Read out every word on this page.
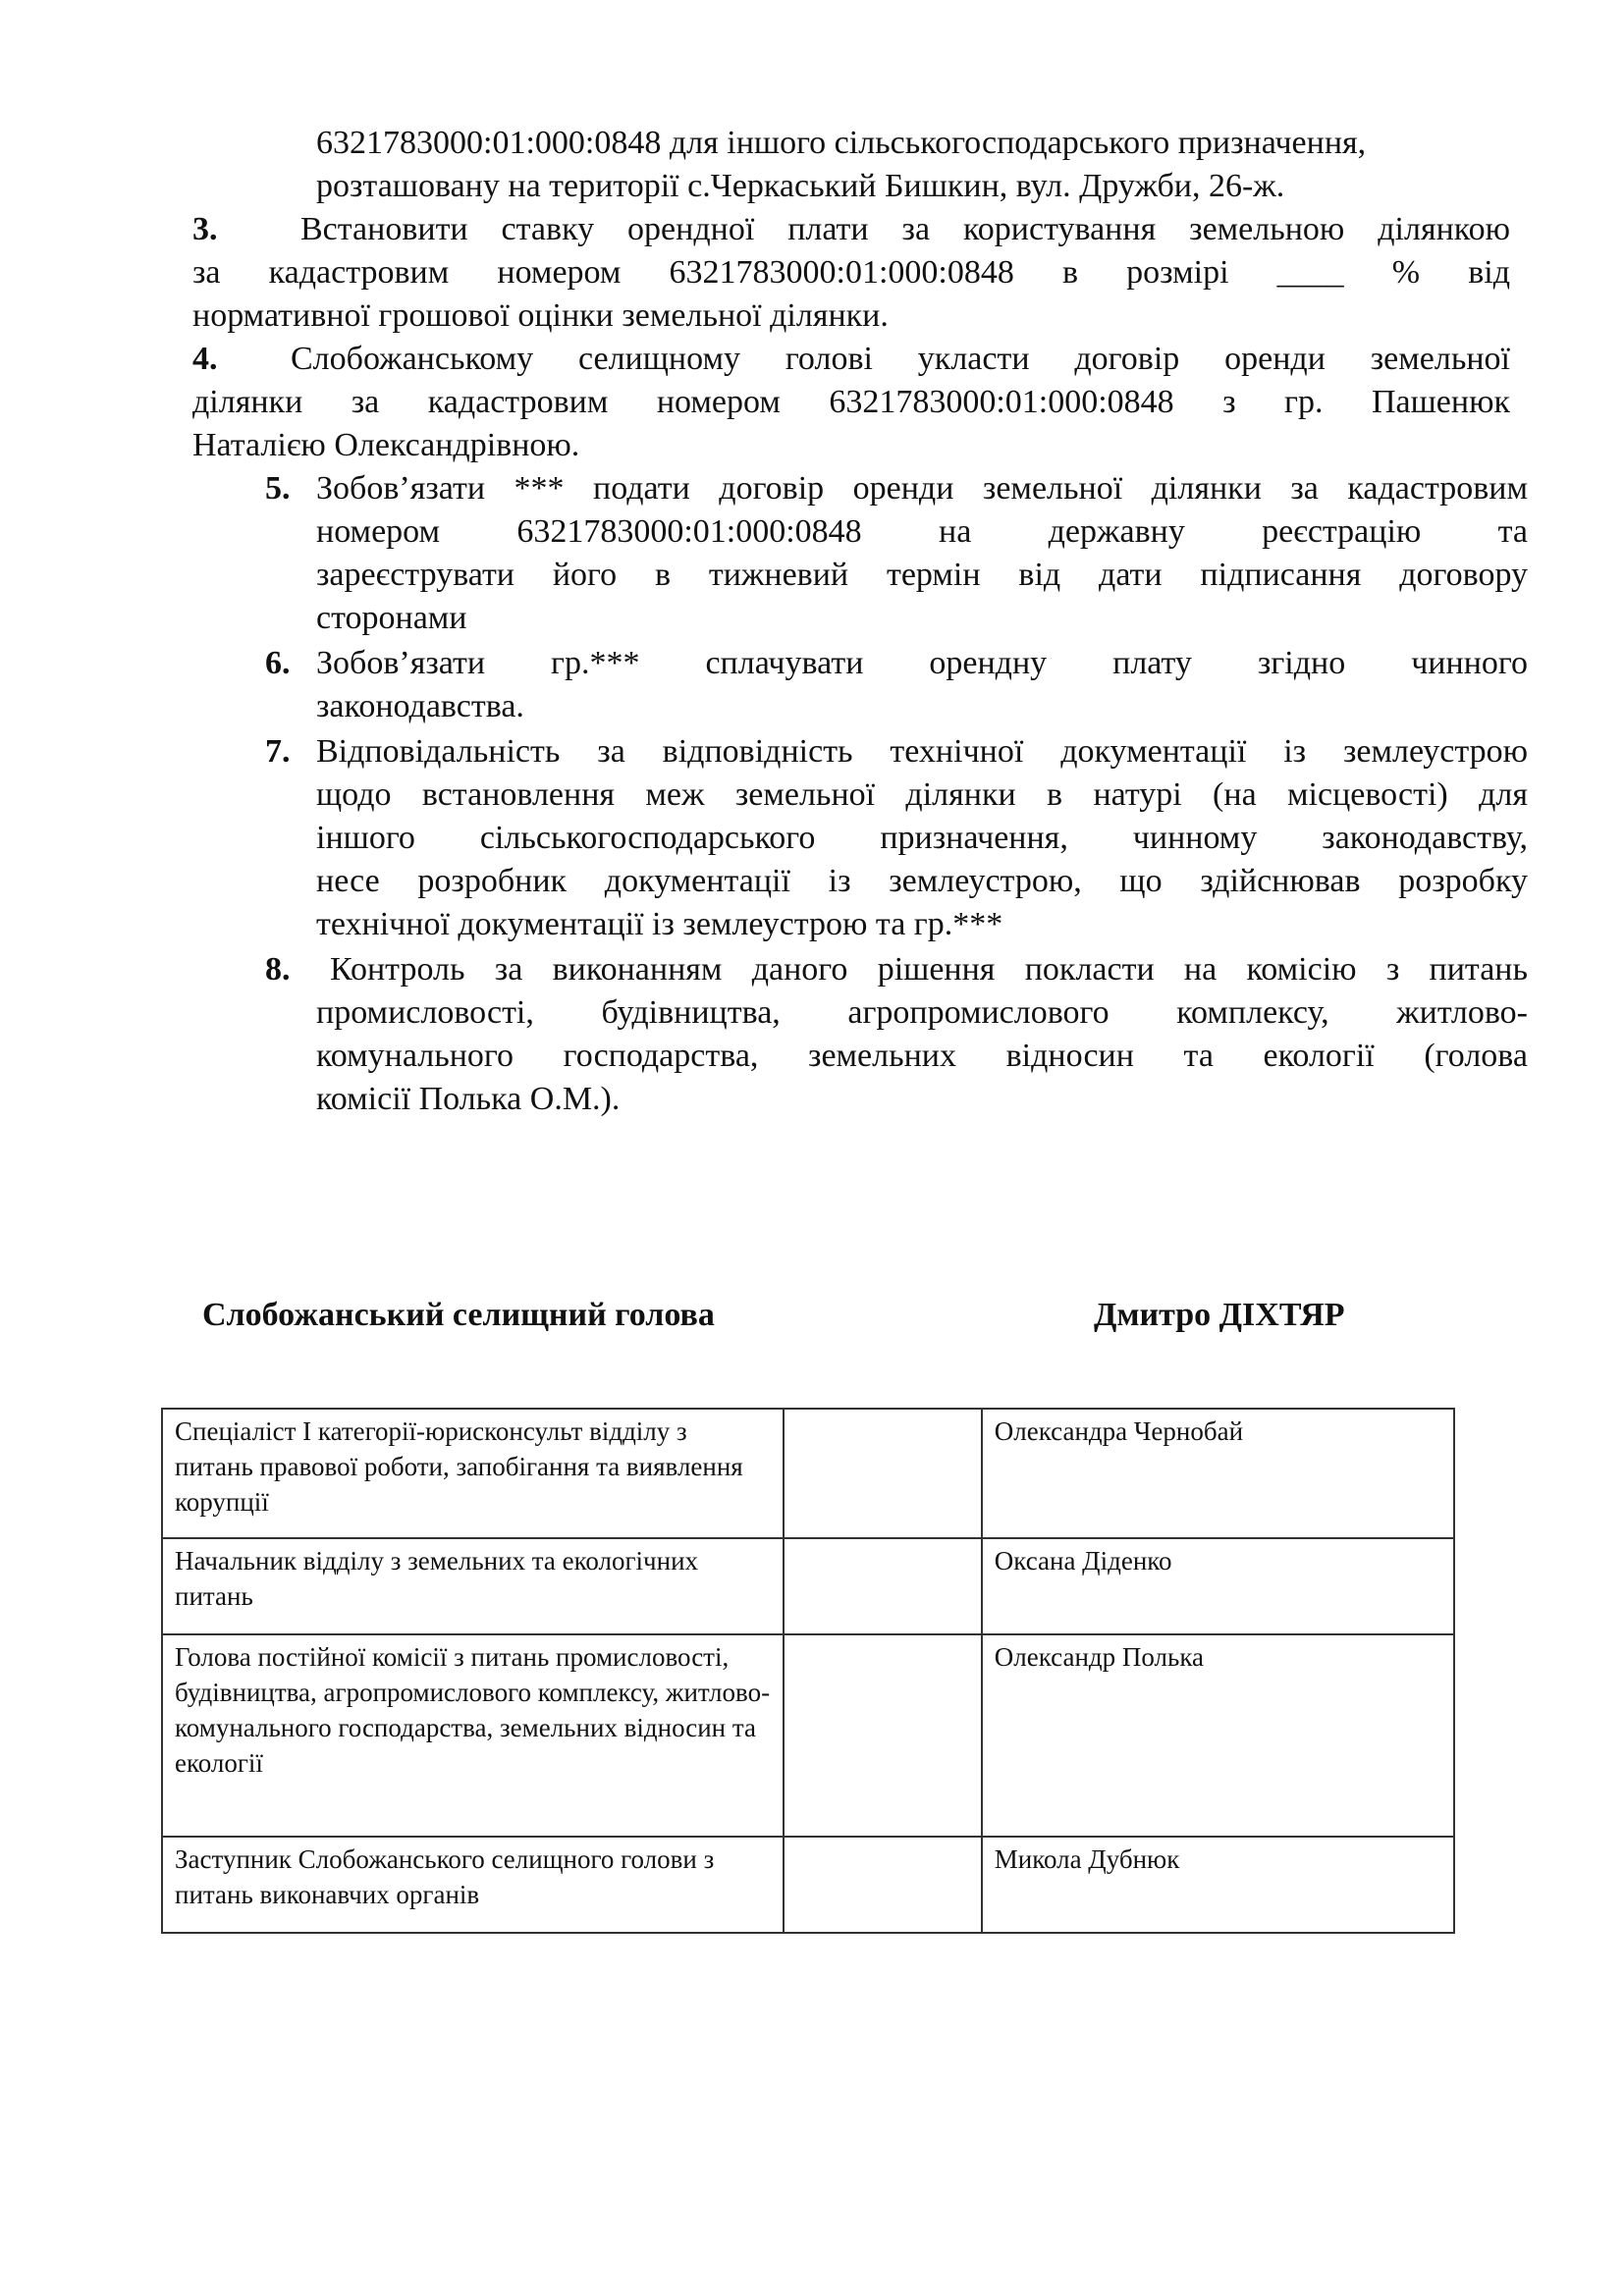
6321783000:01:000:0848 для іншого сільськогосподарського призначення,
розташовану на території с.Черкаський Бишкин, вул. Дружби, 26-ж.
3. Встановити ставку орендної плати за користування земельною ділянкою
за кадастровим номером 6321783000:01:000:0848 в розмірі ____ % від
нормативної грошової оцінки земельної ділянки.
4. Слобожанському селищному голові укласти договір оренди земельної
ділянки за кадастровим номером 6321783000:01:000:0848 з гр. Пашенюк
Наталією Олександрівною.
5. Зобов’язати *** подати договір оренди земельної ділянки за кадастровим
номером 6321783000:01:000:0848 на державну реєстрацію та
зареєструвати його в тижневий термін від дати підписання договору
сторонами
6. Зобов’язати гр.*** сплачувати орендну плату згідно чинного
законодавства.
7. Відповідальність за відповідність технічної документації із землеустрою
щодо встановлення меж земельної ділянки в натурі (на місцевості) для
іншого сільськогосподарського призначення, чинному законодавству,
несе розробник документації із землеустрою, що здійснював розробку
технічної документації із землеустрою та гр.***
8. Контроль за виконанням даного рішення покласти на комісію з питань
промисловості, будівництва, агропромислового комплексу, житлово-
комунального господарства, земельних відносин та екології (голова
комісії Полька О.М.).
Слобожанський селищний голова	Дмитро ДІХТЯР
Спеціаліст І категорії-юрисконсульт відділу з питань правової роботи, запобігання та виявлення корупції		Олександра Чернобай
Начальник відділу з земельних та екологічних питань		Оксана Діденко
Голова постійної комісії з питань промисловості, будівництва, агропромислового комплексу, житлово-комунального господарства, земельних відносин та екології		Олександр Полька
Заступник Слобожанського селищного голови з питань виконавчих органів		Микола Дубнюк
